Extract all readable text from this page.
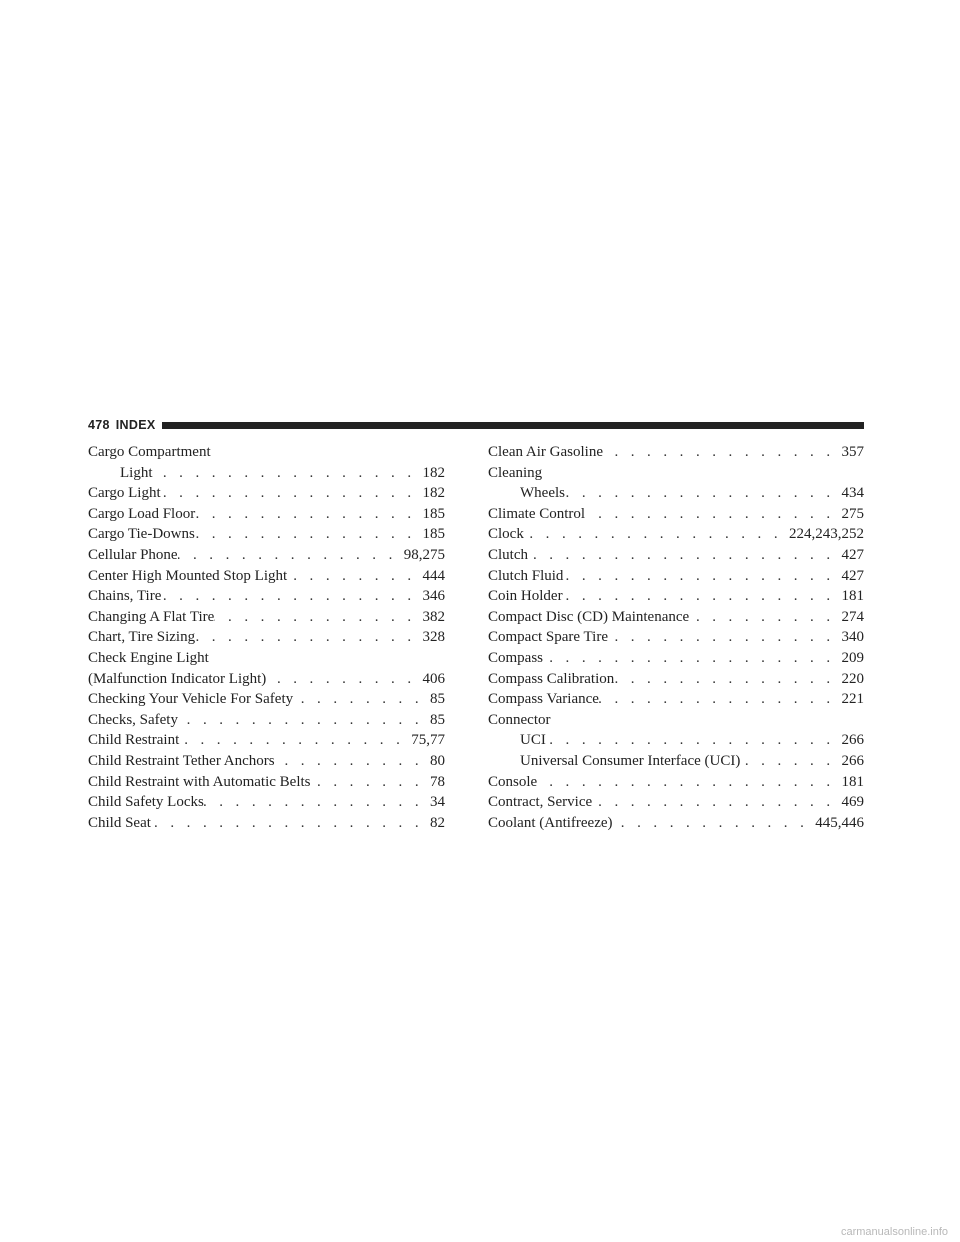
478 INDEX
Cargo Compartment
Light . . .	182
Cargo Light . . .	182
Cargo Load Floor . . .	185
Cargo Tie-Downs . . .	185
Cellular Phone . . .	98,275
Center High Mounted Stop Light . . .	444
Chains, Tire . . .	346
Changing A Flat Tire . . .	382
Chart, Tire Sizing . . .	328
Check Engine Light
(Malfunction Indicator Light) . . .	406
Checking Your Vehicle For Safety . . .	85
Checks, Safety . . .	85
Child Restraint . . .	75,77
Child Restraint Tether Anchors . . .	80
Child Restraint with Automatic Belts . . .	78
Child Safety Locks . . .	34
Child Seat . . .	82
Clean Air Gasoline . . .	357
Cleaning
Wheels . . .	434
Climate Control . . .	275
Clock . . .	224,243,252
Clutch . . .	427
Clutch Fluid . . .	427
Coin Holder . . .	181
Compact Disc (CD) Maintenance . . .	274
Compact Spare Tire . . .	340
Compass . . .	209
Compass Calibration . . .	220
Compass Variance . . .	221
Connector
UCI . . .	266
Universal Consumer Interface (UCI) . . .	266
Console . . .	181
Contract, Service . . .	469
Coolant (Antifreeze) . . .	445,446
carmanualsonline.info
